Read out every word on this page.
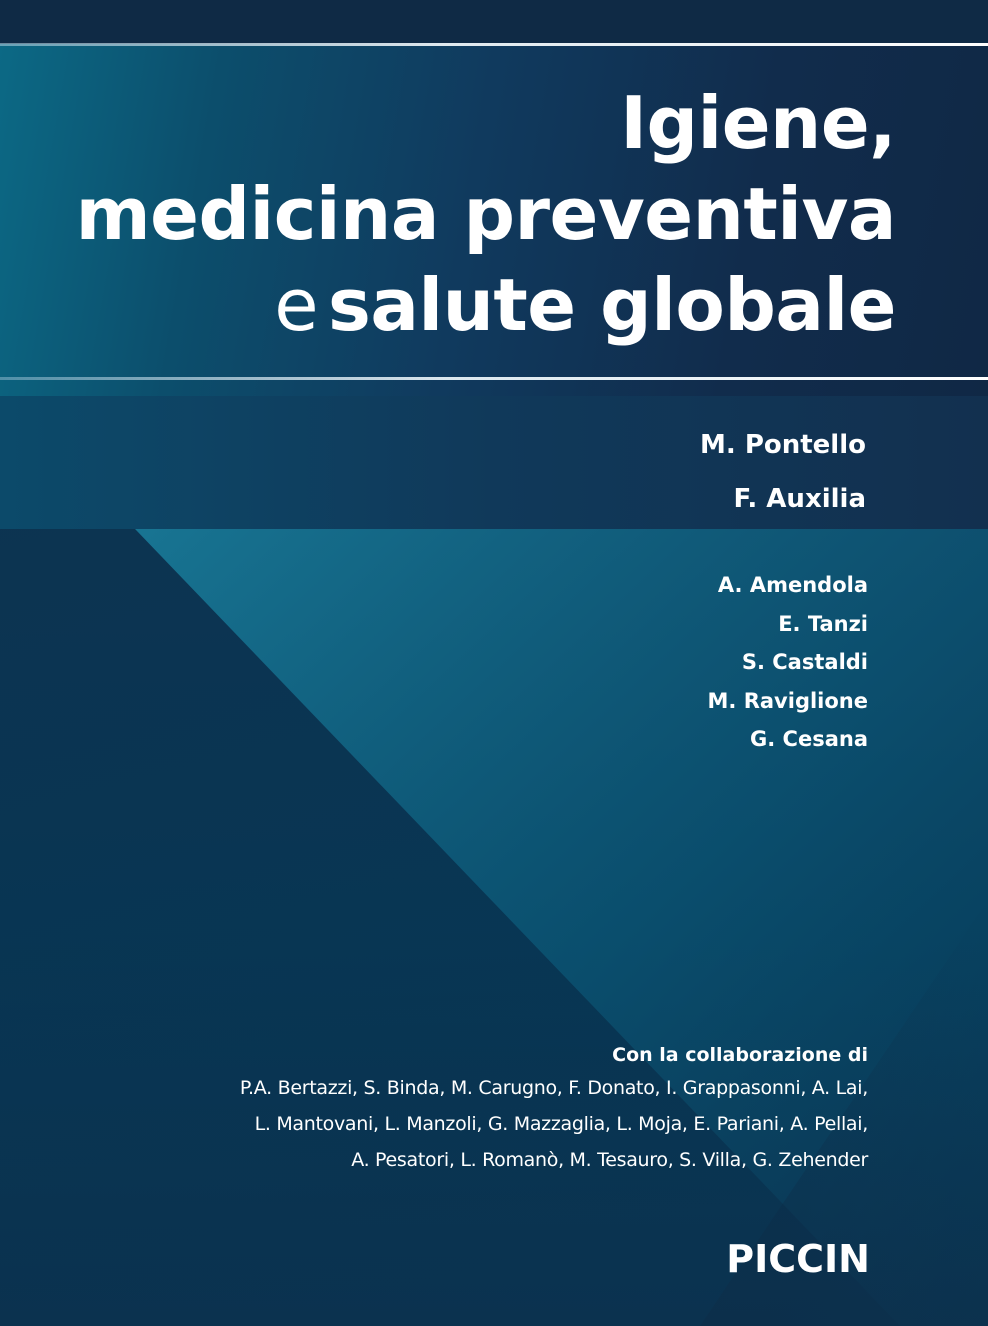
Igiene,
medicina preventiva
e salute globale
M. Pontello
F. Auxilia
A. Amendola
E. Tanzi
S. Castaldi
M. Raviglione
G. Cesana
Con la collaborazione di
P.A. Bertazzi, S. Binda, M. Carugno, F. Donato, I. Grappasonni, A. Lai,
L. Mantovani, L. Manzoli, G. Mazzaglia, L. Moja, E. Pariani, A. Pellai,
A. Pesatori, L. Romanò, M. Tesauro, S. Villa, G. Zehender
PICCIN
